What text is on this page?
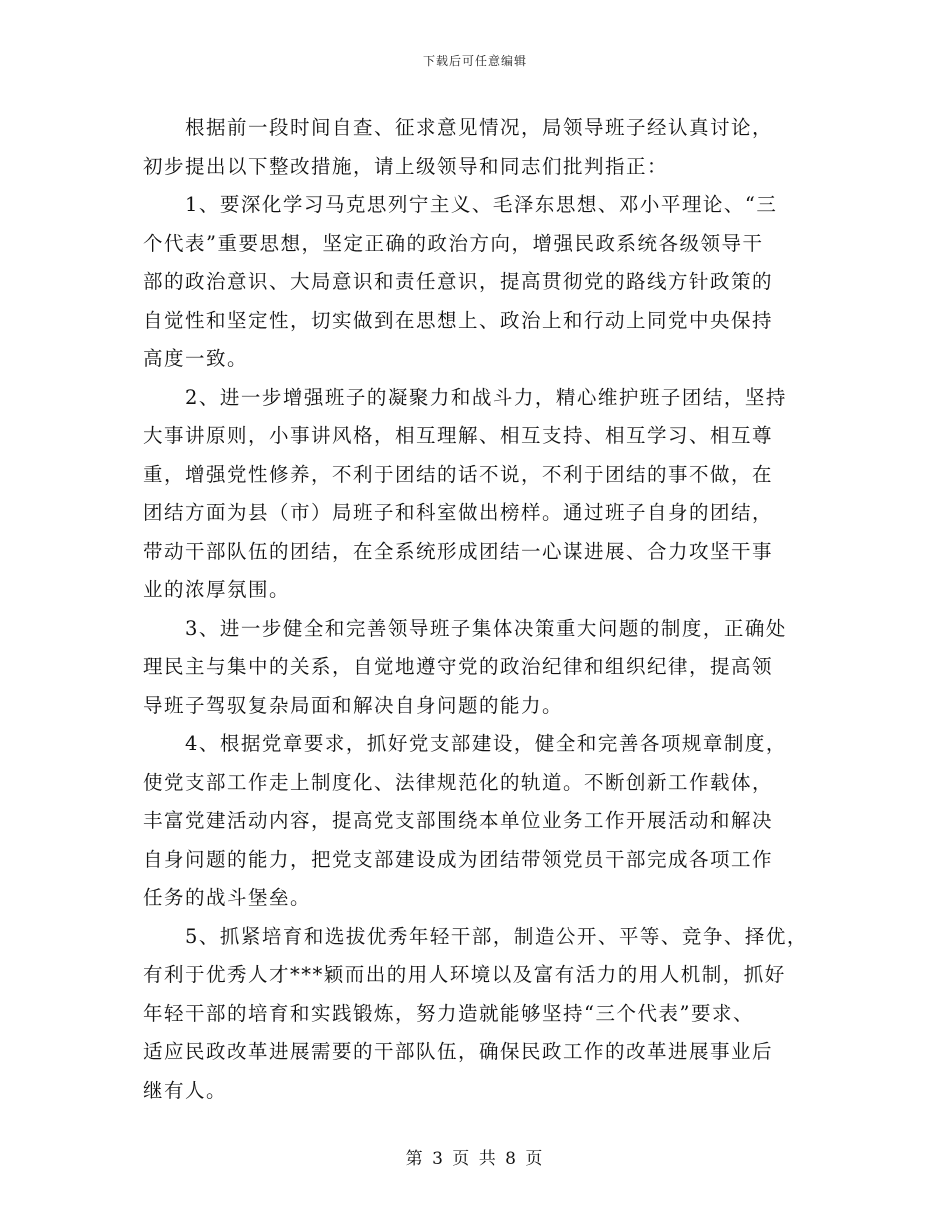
下载后可任意编辑

根据前一段时间自查、征求意见情况，局领导班子经认真讨论，
初步提出以下整改措施，请上级领导和同志们批判指正：

1、要深化学习马克思列宁主义、毛泽东思想、邓小平理论、“三
个代表”重要思想，坚定正确的政治方向，增强民政系统各级领导干
部的政治意识、大局意识和责任意识，提高贯彻党的路线方针政策的
自觉性和坚定性，切实做到在思想上、政治上和行动上同党中央保持
高度一致。

2、进一步增强班子的凝聚力和战斗力，精心维护班子团结，坚持
大事讲原则，小事讲风格，相互理解、相互支持、相互学习、相互尊
重，增强党性修养，不利于团结的话不说，不利于团结的事不做，在
团结方面为县（市）局班子和科室做出榜样。通过班子自身的团结，
带动干部队伍的团结，在全系统形成团结一心谋进展、合力攻坚干事
业的浓厚氛围。

3、进一步健全和完善领导班子集体决策重大问题的制度，正确处
理民主与集中的关系，自觉地遵守党的政治纪律和组织纪律，提高领
导班子驾驭复杂局面和解决自身问题的能力。

4、根据党章要求，抓好党支部建设，健全和完善各项规章制度，
使党支部工作走上制度化、法律规范化的轨道。不断创新工作载体，
丰富党建活动内容，提高党支部围绕本单位业务工作开展活动和解决
自身问题的能力，把党支部建设成为团结带领党员干部完成各项工作
任务的战斗堡垒。

5、抓紧培育和选拔优秀年轻干部，制造公开、平等、竞争、择优，
有利于优秀人才***颖而出的用人环境以及富有活力的用人机制，抓好
年轻干部的培育和实践锻炼，努力造就能够坚持“三个代表”要求、
适应民政改革进展需要的干部队伍，确保民政工作的改革进展事业后
继有人。

第 3 页 共 8 页
